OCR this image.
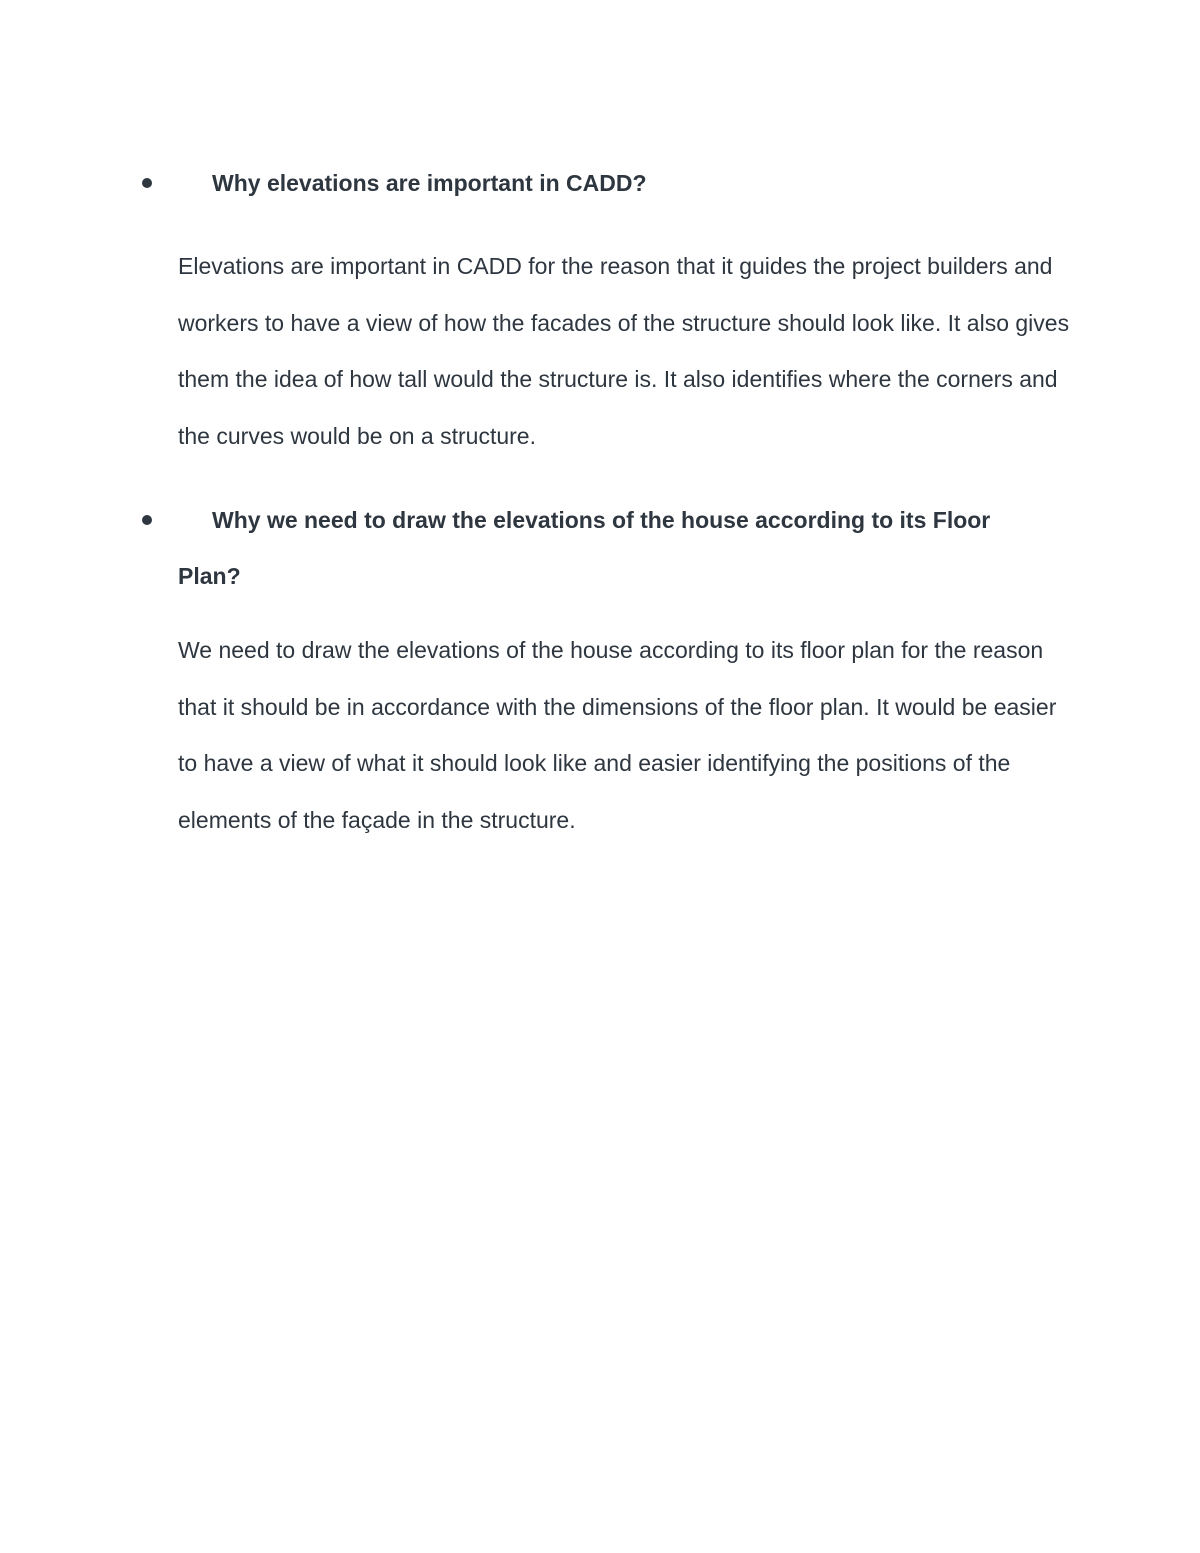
Why elevations are important in CADD?

Elevations are important in CADD for the reason that it guides the project builders and workers to have a view of how the facades of the structure should look like. It also gives them the idea of how tall would the structure is. It also identifies where the corners and the curves would be on a structure.

Why we need to draw the elevations of the house according to its Floor Plan?

We need to draw the elevations of the house according to its floor plan for the reason that it should be in accordance with the dimensions of the floor plan. It would be easier to have a view of what it should look like and easier identifying the positions of the elements of the façade in the structure.
